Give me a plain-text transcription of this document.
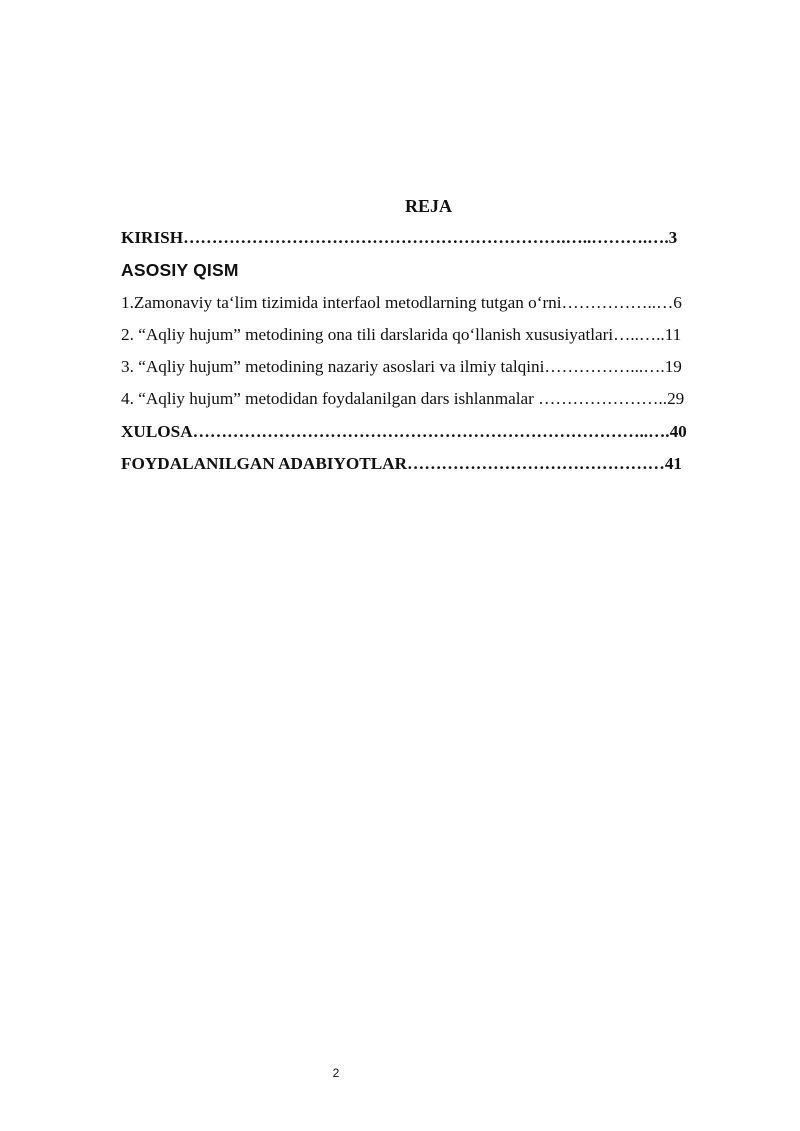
REJA
KIRISH………………………………………………………….…..……….….3
ASOSIY QISM
1.Zamonaviy ta‘lim tizimida interfaol metodlarning tutgan o‘rni……………..…6
2. “Aqliy hujum” metodining ona tili darslarida qo‘llanish xususiyatlari…..…..11
3. “Aqliy hujum” metodining nazariy asoslari va ilmiy talqini……………...….19
4. “Aqliy hujum” metodidan foydalanilgan dars ishlanmalar …………………..29
XULOSA……………………………………………………………………..….40
FOYDALANILGAN ADABIYOTLAR………………………………………41
2
